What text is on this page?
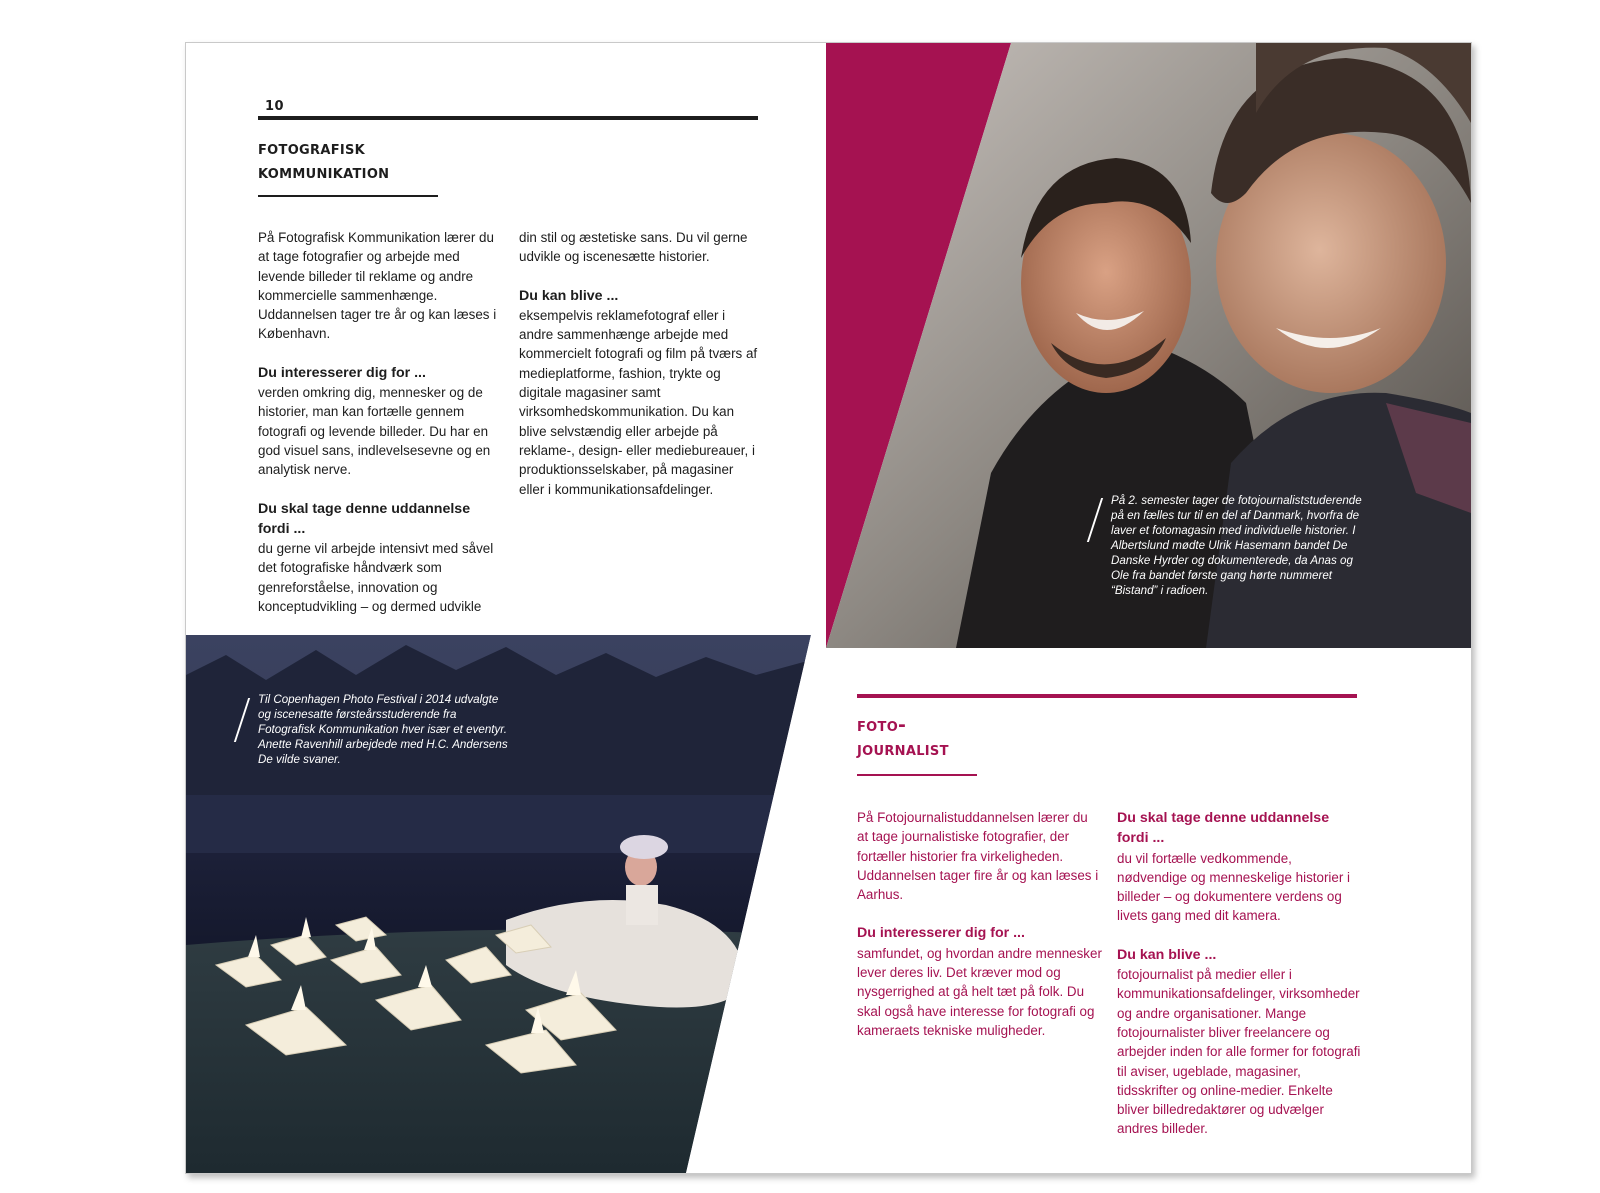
10
fotografisk
kommunikation

På Fotografisk Kommunikation lærer du at tage fotografier og arbejde med levende billeder til reklame og andre kommercielle sammenhænge. Uddannelsen tager tre år og kan læses i København.

Du interesserer dig for ...

verden omkring dig, mennesker og de historier, man kan fortælle gennem fotografi og levende billeder. Du har en god visuel sans, indlevelsesevne og en analytisk nerve.

Du skal tage denne uddannelse fordi ...

du gerne vil arbejde intensivt med såvel det fotografiske håndværk som genreforståelse, innovation og konceptudvikling – og dermed udvikle

din stil og æstetiske sans. Du vil gerne udvikle og iscenesætte historier.

Du kan blive ...

eksempelvis reklamefotograf eller i andre sammenhænge arbejde med kommercielt fotografi og film på tværs af medieplatforme, fashion, trykte og digitale magasiner samt virksomhedskommunikation. Du kan blive selvstændig eller arbejde på reklame-, design- eller mediebureauer, i produktionsselskaber, på magasiner eller i kommunikationsafdelinger.

På 2. semester tager de fotojournaliststuderende på en fælles tur til en del af Danmark, hvorfra de laver et fotomagasin med individuelle historier. I Albertslund mødte Ulrik Hasemann bandet De Danske Hyrder og dokumenterede, da Anas og Ole fra bandet første gang hørte nummeret “Bistand” i radioen.
Til Copenhagen Photo Festival i 2014 udvalgte og iscenesatte førsteårsstuderende fra Fotografisk Kommunikation hver især et eventyr. Anette Ravenhill arbejdede med H.C. Andersens De vilde svaner.
foto-
journalist

På Fotojournalistuddannelsen lærer du at tage journalistiske fotografier, der fortæller historier fra virkeligheden. Uddannelsen tager fire år og kan læses i Aarhus.

Du interesserer dig for ...

samfundet, og hvordan andre mennesker lever deres liv. Det kræver mod og nysgerrighed at gå helt tæt på folk. Du skal også have interesse for fotografi og kameraets tekniske muligheder.

Du skal tage denne uddannelse fordi ...

du vil fortælle vedkommende, nødvendige og menneskelige historier i billeder – og dokumentere verdens og livets gang med dit kamera.

Du kan blive ...

fotojournalist på medier eller i kommunikationsafdelinger, virksomheder og andre organisationer. Mange fotojournalister bliver freelancere og arbejder inden for alle former for fotografi til aviser, ugeblade, magasiner, tidsskrifter og online-medier. Enkelte bliver billedredaktører og udvælger andres billeder.
